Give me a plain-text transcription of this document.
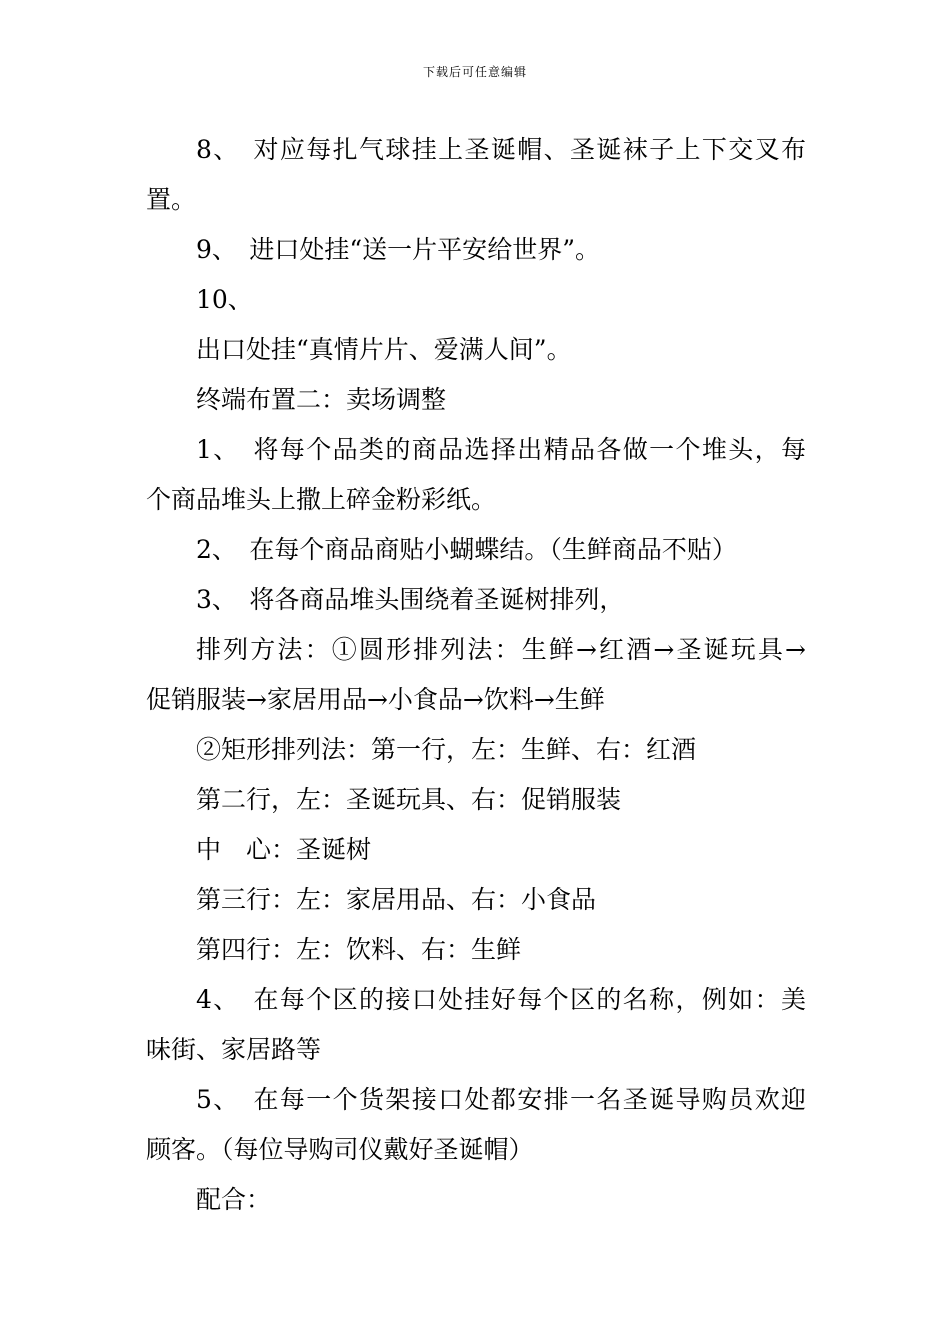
下载后可任意编辑
8、　对应每扎气球挂上圣诞帽、圣诞袜子上下交叉布
置。
9、　进口处挂“送一片平安给世界”。
10、
出口处挂“真情片片、爱满人间”。
终端布置二：卖场调整
1、　将每个品类的商品选择出精品各做一个堆头，每
个商品堆头上撒上碎金粉彩纸。
2、　在每个商品商贴小蝴蝶结。（生鲜商品不贴）
3、　将各商品堆头围绕着圣诞树排列，
排列方法：①圆形排列法：生鲜→红酒→圣诞玩具→
促销服装→家居用品→小食品→饮料→生鲜
②矩形排列法：第一行，左：生鲜、右：红酒
第二行，左：圣诞玩具、右：促销服装
中　心：圣诞树
第三行：左：家居用品、右：小食品
第四行：左：饮料、右：生鲜
4、　在每个区的接口处挂好每个区的名称，例如：美
味街、家居路等
5、　在每一个货架接口处都安排一名圣诞导购员欢迎
顾客。（每位导购司仪戴好圣诞帽）
配合：
